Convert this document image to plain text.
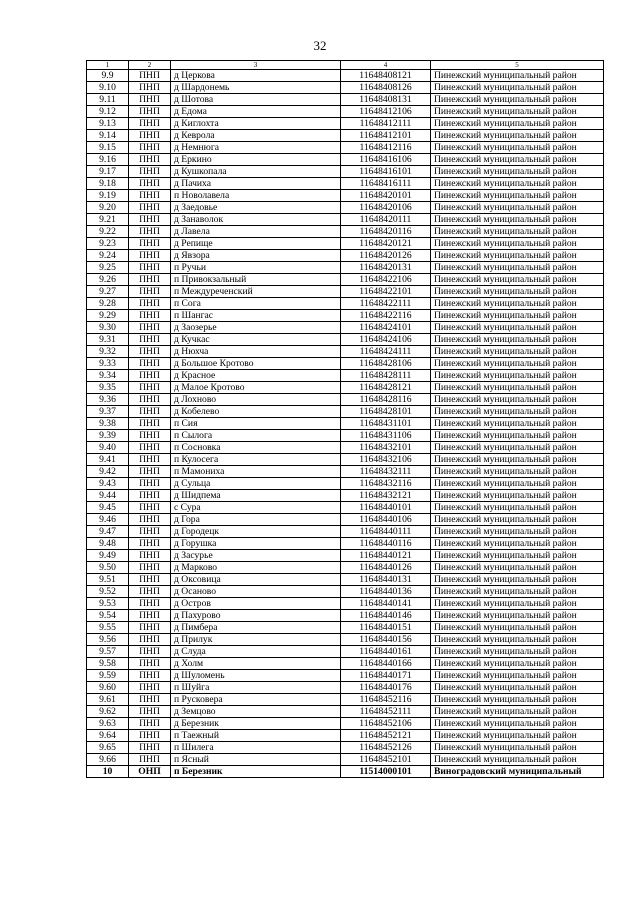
32
1	2	3	4	5
9.9	ПНП	д Церкова	11648408121	Пинежский муниципальный район
9.10	ПНП	д Шардонемь	11648408126	Пинежский муниципальный район
9.11	ПНП	д Шотова	11648408131	Пинежский муниципальный район
9.12	ПНП	д Едома	11648412106	Пинежский муниципальный район
9.13	ПНП	д Киглохта	11648412111	Пинежский муниципальный район
9.14	ПНП	д Кеврола	11648412101	Пинежский муниципальный район
9.15	ПНП	д Немнюга	11648412116	Пинежский муниципальный район
9.16	ПНП	д Еркино	11648416106	Пинежский муниципальный район
9.17	ПНП	д Кушкопала	11648416101	Пинежский муниципальный район
9.18	ПНП	д Пачиха	11648416111	Пинежский муниципальный район
9.19	ПНП	п Новолавела	11648420101	Пинежский муниципальный район
9.20	ПНП	д Заедовье	11648420106	Пинежский муниципальный район
9.21	ПНП	д Занаволок	11648420111	Пинежский муниципальный район
9.22	ПНП	д Лавела	11648420116	Пинежский муниципальный район
9.23	ПНП	д Репище	11648420121	Пинежский муниципальный район
9.24	ПНП	д Явзора	11648420126	Пинежский муниципальный район
9.25	ПНП	п Ручьи	11648420131	Пинежский муниципальный район
9.26	ПНП	п Привокзальный	11648422106	Пинежский муниципальный район
9.27	ПНП	п Междуреченский	11648422101	Пинежский муниципальный район
9.28	ПНП	п Сога	11648422111	Пинежский муниципальный район
9.29	ПНП	п Шангас	11648422116	Пинежский муниципальный район
9.30	ПНП	д Заозерье	11648424101	Пинежский муниципальный район
9.31	ПНП	д Кучкас	11648424106	Пинежский муниципальный район
9.32	ПНП	д Нюхча	11648424111	Пинежский муниципальный район
9.33	ПНП	д Большое Кротово	11648428106	Пинежский муниципальный район
9.34	ПНП	д Красное	11648428111	Пинежский муниципальный район
9.35	ПНП	д Малое Кротово	11648428121	Пинежский муниципальный район
9.36	ПНП	д Лохново	11648428116	Пинежский муниципальный район
9.37	ПНП	д Кобелево	11648428101	Пинежский муниципальный район
9.38	ПНП	п Сия	11648431101	Пинежский муниципальный район
9.39	ПНП	п Сылога	11648431106	Пинежский муниципальный район
9.40	ПНП	п Сосновка	11648432101	Пинежский муниципальный район
9.41	ПНП	п Кулосега	11648432106	Пинежский муниципальный район
9.42	ПНП	п Мамониха	11648432111	Пинежский муниципальный район
9.43	ПНП	д Сульца	11648432116	Пинежский муниципальный район
9.44	ПНП	д Шидпема	11648432121	Пинежский муниципальный район
9.45	ПНП	с Сура	11648440101	Пинежский муниципальный район
9.46	ПНП	д Гора	11648440106	Пинежский муниципальный район
9.47	ПНП	д Городецк	11648440111	Пинежский муниципальный район
9.48	ПНП	д Горушка	11648440116	Пинежский муниципальный район
9.49	ПНП	д Засурье	11648440121	Пинежский муниципальный район
9.50	ПНП	д Марково	11648440126	Пинежский муниципальный район
9.51	ПНП	д Оксовица	11648440131	Пинежский муниципальный район
9.52	ПНП	д Осаново	11648440136	Пинежский муниципальный район
9.53	ПНП	д Остров	11648440141	Пинежский муниципальный район
9.54	ПНП	д Пахурово	11648440146	Пинежский муниципальный район
9.55	ПНП	д Пимбера	11648440151	Пинежский муниципальный район
9.56	ПНП	д Прилук	11648440156	Пинежский муниципальный район
9.57	ПНП	д Слуда	11648440161	Пинежский муниципальный район
9.58	ПНП	д Холм	11648440166	Пинежский муниципальный район
9.59	ПНП	д Шуломень	11648440171	Пинежский муниципальный район
9.60	ПНП	п Шуйга	11648440176	Пинежский муниципальный район
9.61	ПНП	п Русковера	11648452116	Пинежский муниципальный район
9.62	ПНП	д Земцово	11648452111	Пинежский муниципальный район
9.63	ПНП	д Березник	11648452106	Пинежский муниципальный район
9.64	ПНП	п Таежный	11648452121	Пинежский муниципальный район
9.65	ПНП	п Шилега	11648452126	Пинежский муниципальный район
9.66	ПНП	п Ясный	11648452101	Пинежский муниципальный район
10	ОНП	п Березник	11514000101	Виноградовский муниципальный
